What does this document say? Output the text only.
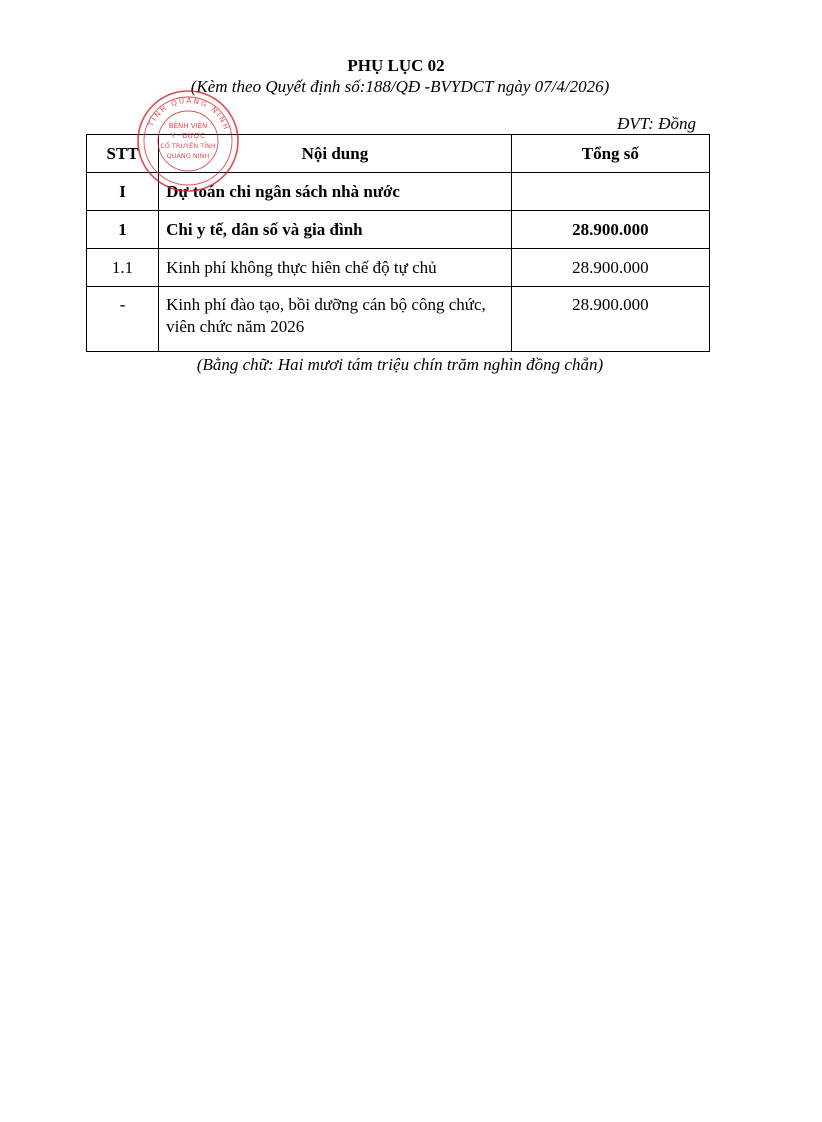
PHỤ LỤC 02
(Kèm theo Quyết định số:188/QĐ -BVYDCT ngày 07/4/2026)
ĐVT: Đồng
STT	Nội dung	Tổng số
I	Dự toán chi ngân sách nhà nước	
1	Chi y tế, dân số và gia đình	28.900.000
1.1	Kinh phí không thực hiên chế độ tự chủ	28.900.000
-	Kinh phí đào tạo, bồi dưỡng cán bộ công chức, viên chức năm 2026	28.900.000
(Bằng chữ: Hai mươi tám triệu chín trăm nghìn đồng chẵn)
TỈNH QUẢNG NINH
BỆNH VIỆN
Y - DƯỢC
CỔ TRUYỀN TỈNH
QUẢNG NINH
